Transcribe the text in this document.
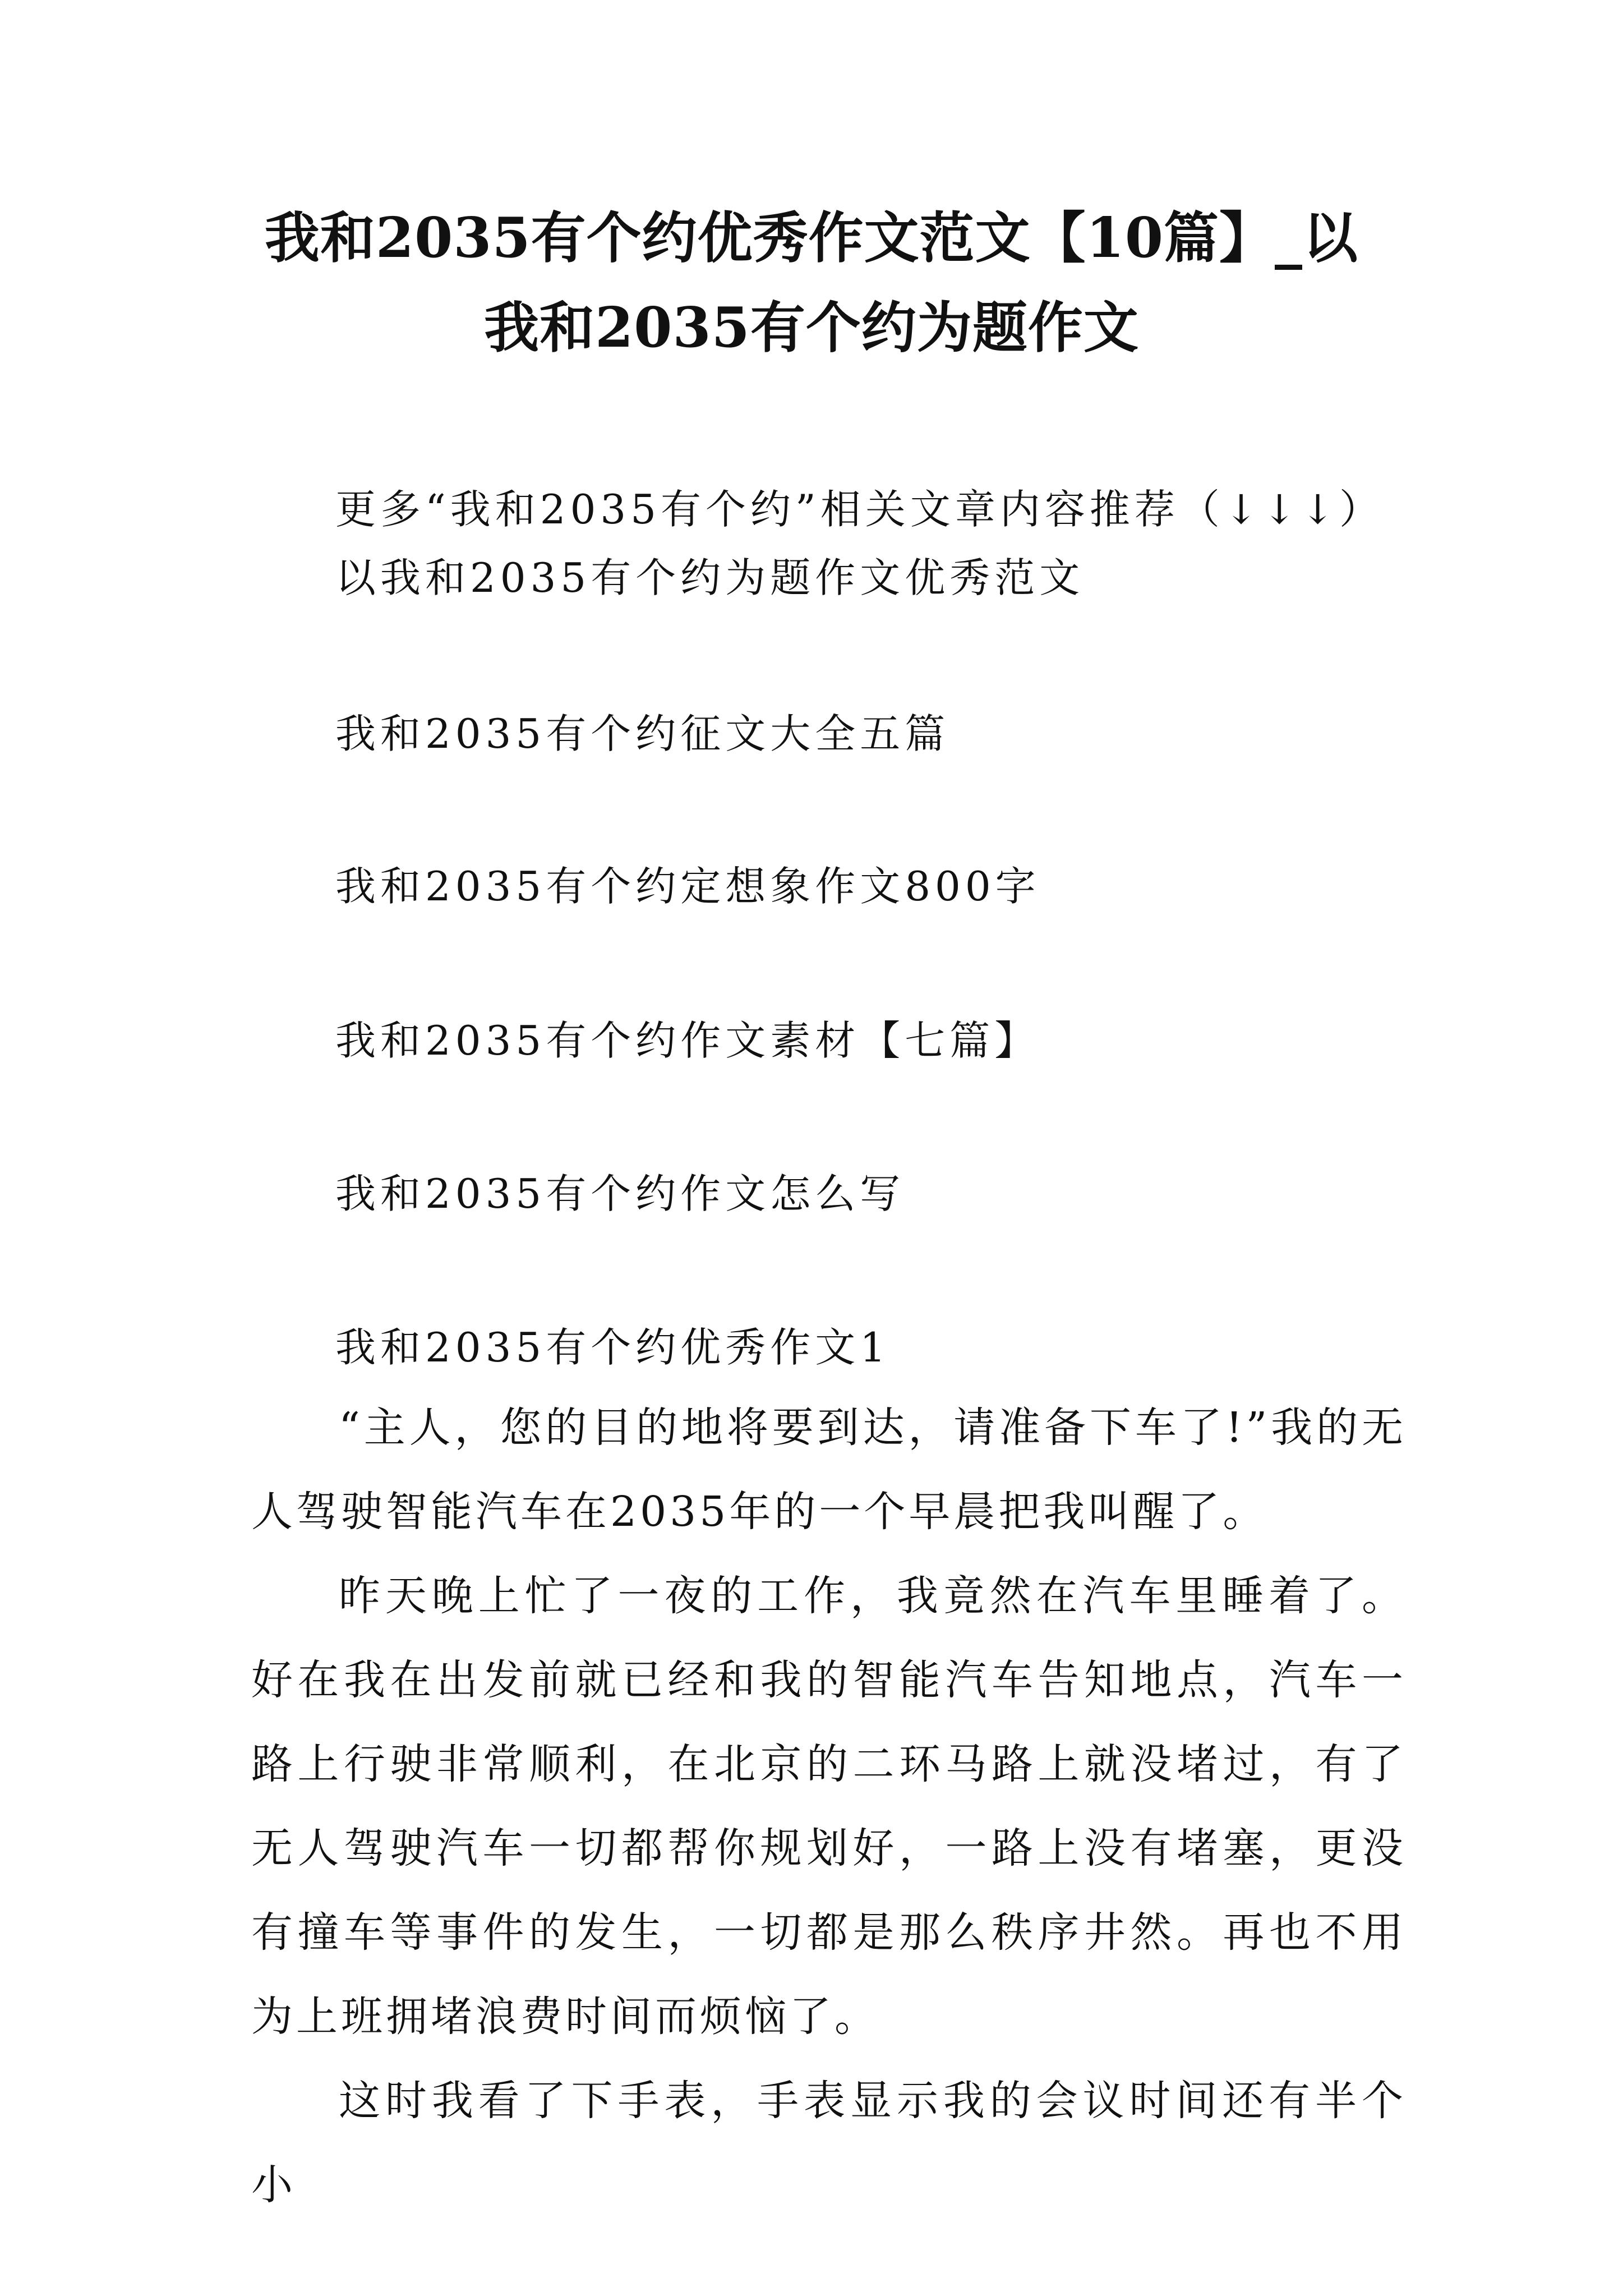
我和2035有个约优秀作文范文【10篇】_以
我和2035有个约为题作文

更多“我和2035有个约”相关文章内容推荐（↓↓↓）

以我和2035有个约为题作文优秀范文

我和2035有个约征文大全五篇

我和2035有个约定想象作文800字

我和2035有个约作文素材【七篇】

我和2035有个约作文怎么写

我和2035有个约优秀作文1

“主人，您的目的地将要到达，请准备下车了!”我的无人驾驶智能汽车在2035年的一个早晨把我叫醒了。

昨天晚上忙了一夜的工作，我竟然在汽车里睡着了。好在我在出发前就已经和我的智能汽车告知地点，汽车一路上行驶非常顺利，在北京的二环马路上就没堵过，有了无人驾驶汽车一切都帮你规划好，一路上没有堵塞，更没有撞车等事件的发生，一切都是那么秩序井然。再也不用为上班拥堵浪费时间而烦恼了。

这时我看了下手表，手表显示我的会议时间还有半个小
